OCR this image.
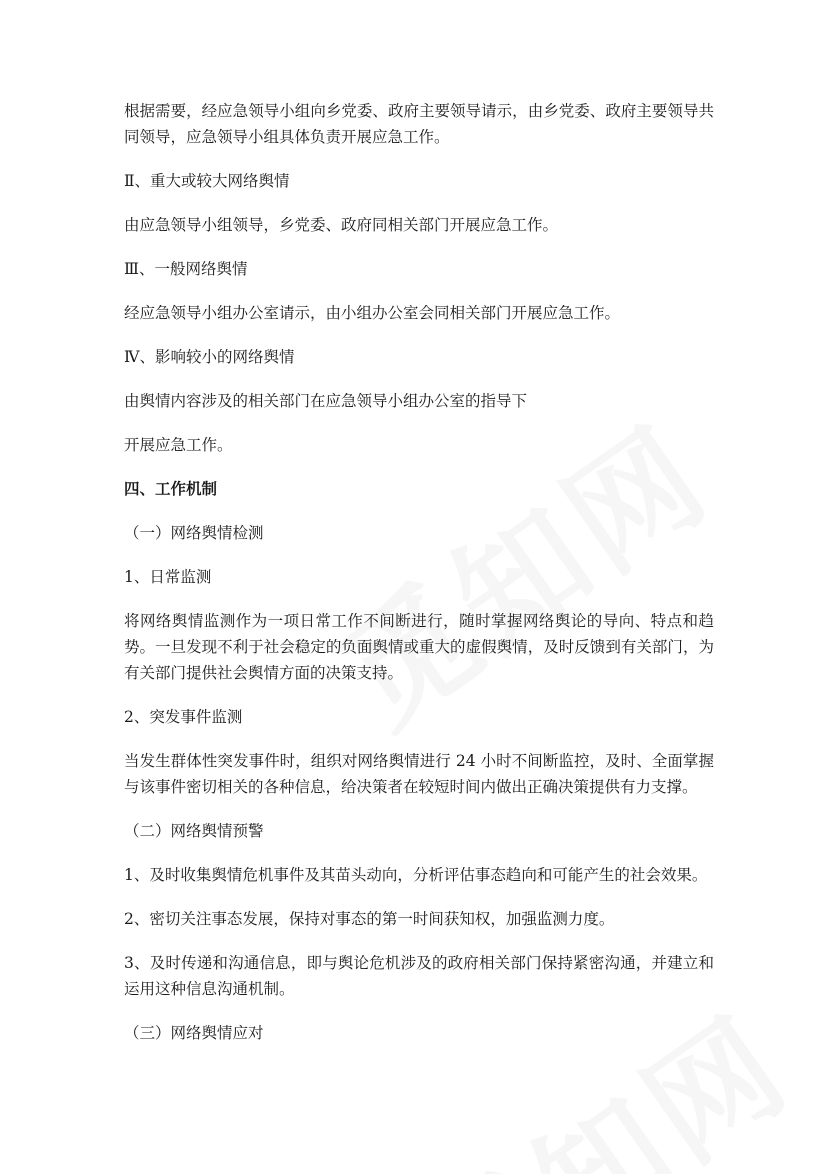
根据需要，经应急领导小组向乡党委、政府主要领导请示，由乡党委、政府主要领导共同领导，应急领导小组具体负责开展应急工作。

Ⅱ、重大或较大网络舆情

由应急领导小组领导，乡党委、政府同相关部门开展应急工作。

Ⅲ、一般网络舆情

经应急领导小组办公室请示，由小组办公室会同相关部门开展应急工作。

Ⅳ、影响较小的网络舆情

由舆情内容涉及的相关部门在应急领导小组办公室的指导下

开展应急工作。

四、工作机制

（一）网络舆情检测

1、日常监测

将网络舆情监测作为一项日常工作不间断进行，随时掌握网络舆论的导向、特点和趋势。一旦发现不利于社会稳定的负面舆情或重大的虚假舆情，及时反馈到有关部门，为有关部门提供社会舆情方面的决策支持。

2、突发事件监测

当发生群体性突发事件时，组织对网络舆情进行 24 小时不间断监控，及时、全面掌握与该事件密切相关的各种信息，给决策者在较短时间内做出正确决策提供有力支撑。

（二）网络舆情预警

1、及时收集舆情危机事件及其苗头动向，分析评估事态趋向和可能产生的社会效果。

2、密切关注事态发展，保持对事态的第一时间获知权，加强监测力度。

3、及时传递和沟通信息，即与舆论危机涉及的政府相关部门保持紧密沟通，并建立和运用这种信息沟通机制。

（三）网络舆情应对
